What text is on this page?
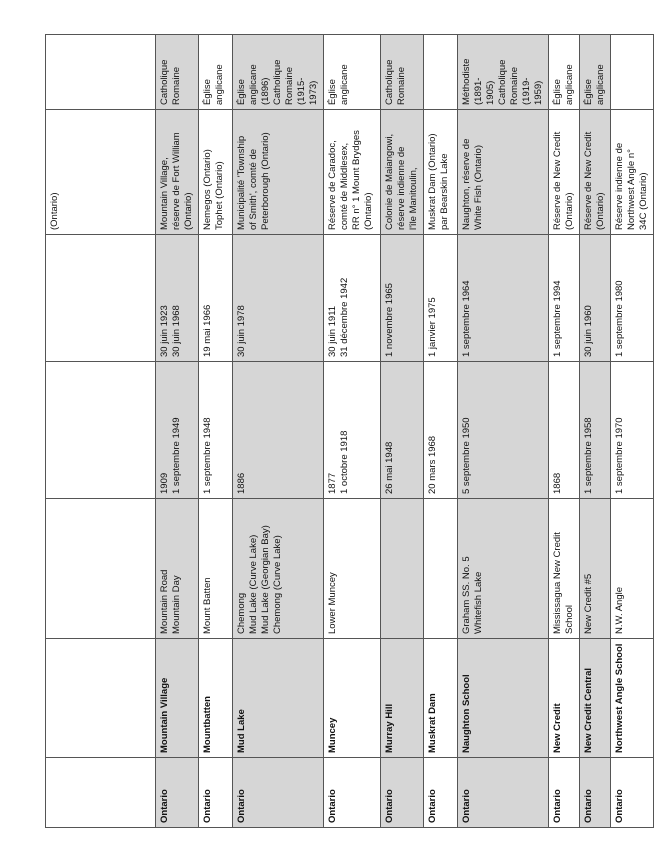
					(Ontario)	

Ontario	Mountain Village	Mountain Road Mountain Day	1909 1 septembre 1949	30 juin 1923 30 juin 1968	Mountain Village, réserve de Fort William (Ontario)	Catholique Romaine

Ontario	Mountbatten	Mount Batten	1 septembre 1948	19 mai 1966	Nemegos (Ontario) Tophet (Ontario)	Église anglicane

Ontario	Mud Lake	Chemong Mud Lake (Curve Lake) Mud Lake (Georgian Bay) Chemong (Curve Lake)	1886	30 juin 1978	Municipalité 'Township of Smith', comté de Peterborough (Ontario)	Église anglicane (1896) Catholique Romaine (1915- 1973)

Ontario	Muncey	Lower Muncey	1877 1 octobre 1918	30 juin 1911 31 décembre 1942	Réserve de Caradoc, comté de Middlesex, RR n° 1 Mount Brydges (Ontario)	Église anglicane

Ontario	Murray Hill		26 mai 1948	1 novembre 1965	Colonie de Maiangowi, réserve indienne de l'île Manitoulin,	Catholique Romaine

Ontario	Muskrat Dam		20 mars 1968	1 janvier 1975	Muskrat Dam (Ontario) par Bearskin Lake	

Ontario	Naughton School	Graham SS. No. 5 Whitefish Lake	5 septembre 1950	1 septembre 1964	Naughton, réserve de White Fish (Ontario)	Méthodiste (1891- 1905) Catholique Romaine (1919- 1959)

Ontario	New Credit	Mississagua New Credit School	1868	1 septembre 1994	Réserve de New Credit (Ontario)	Église anglicane

Ontario	New Credit Central	New Credit #5	1 septembre 1958	30 juin 1960	Réserve de New Credit (Ontario)	Église anglicane

Ontario	Northwest Angle School	N.W. Angle	1 septembre 1970	1 septembre 1980	Réserve indienne de Northwest Angle n° 34C (Ontario)	
